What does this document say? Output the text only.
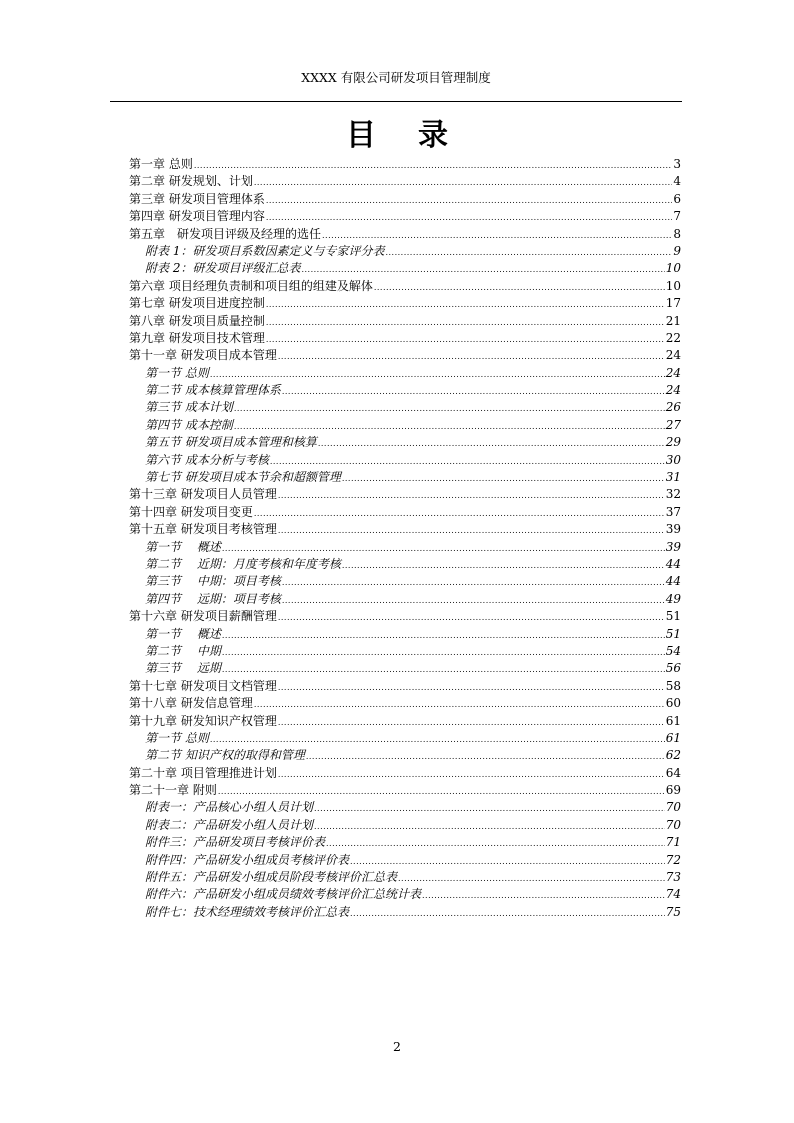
XXXX 有限公司研发项目管理制度
目录
第一章 总则 .....	3
第二章 研发规划、计划 .....	4
第三章 研发项目管理体系 .....	6
第四章 研发项目管理内容 .....	7
第五章　研发项目评级及经理的选任 .....	8
附表 1：研发项目系数因素定义与专家评分表 .....	9
附表 2：研发项目评级汇总表 .....	10
第六章 项目经理负责制和项目组的组建及解体 .....	10
第七章 研发项目进度控制 .....	17
第八章 研发项目质量控制 .....	21
第九章 研发项目技术管理 .....	22
第十一章 研发项目成本管理 .....	24
第一节 总则 .....	24
第二节 成本核算管理体系 .....	24
第三节 成本计划 .....	26
第四节 成本控制 .....	27
第五节 研发项目成本管理和核算 .....	29
第六节 成本分析与考核 .....	30
第七节 研发项目成本节余和超额管理 .....	31
第十三章 研发项目人员管理 .....	32
第十四章 研发项目变更 .....	37
第十五章 研发项目考核管理 .....	39
第一节　 概述 .....	39
第二节　 近期：月度考核和年度考核 .....	44
第三节　 中期：项目考核 .....	44
第四节　 远期：项目考核 .....	49
第十六章 研发项目薪酬管理 .....	51
第一节　 概述 .....	51
第二节　 中期 .....	54
第三节　 远期 .....	56
第十七章 研发项目文档管理 .....	58
第十八章 研发信息管理 .....	60
第十九章 研发知识产权管理 .....	61
第一节 总则 .....	61
第二节 知识产权的取得和管理 .....	62
第二十章 项目管理推进计划 .....	64
第二十一章 附则 .....	69
附表一：产品核心小组人员计划 .....	70
附表二：产品研发小组人员计划 .....	70
附件三：产品研发项目考核评价表 .....	71
附件四：产品研发小组成员考核评价表 .....	72
附件五：产品研发小组成员阶段考核评价汇总表 .....	73
附件六：产品研发小组成员绩效考核评价汇总统计表 .....	74
附件七：技术经理绩效考核评价汇总表 .....	75
2
